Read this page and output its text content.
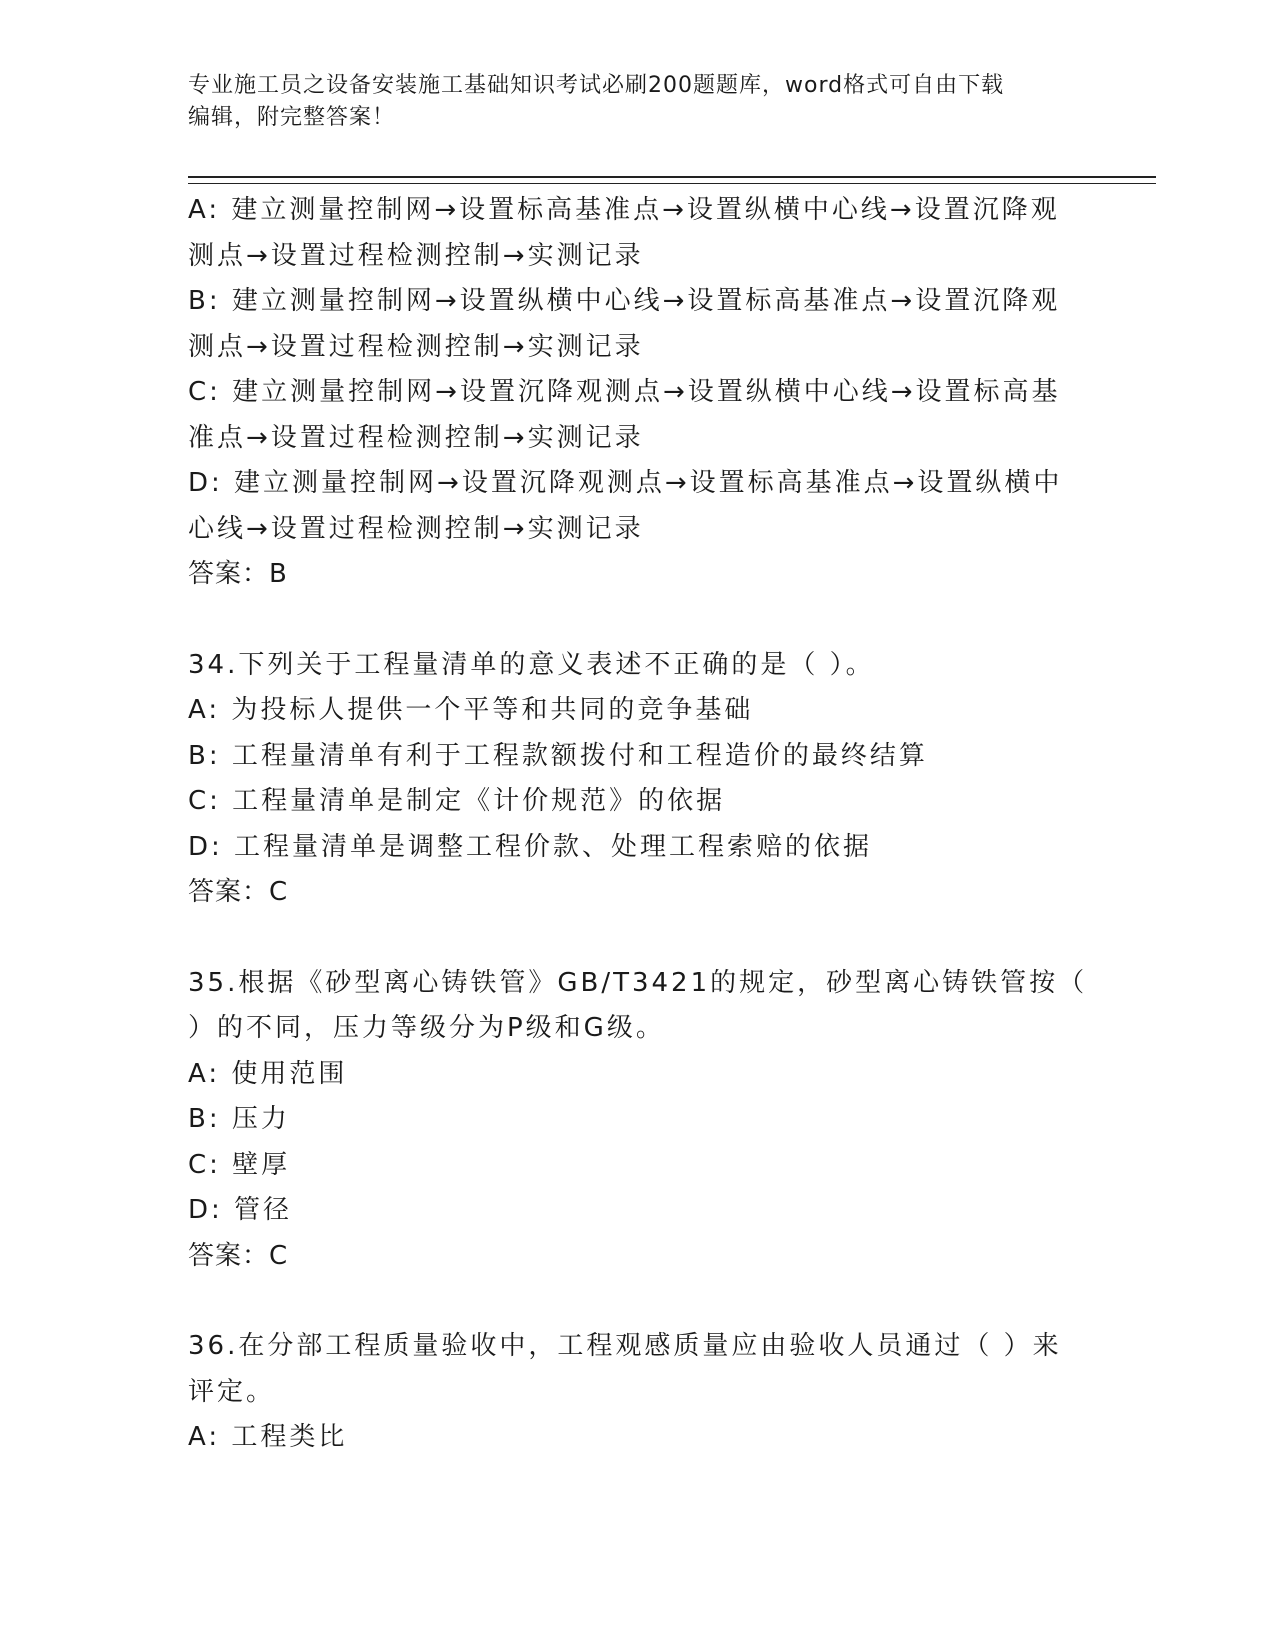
专业施工员之设备安装施工基础知识考试必刷200题题库，word格式可自由下载
编辑，附完整答案！

A: 建立测量控制网→设置标高基准点→设置纵横中心线→设置沉降观

测点→设置过程检测控制→实测记录

B: 建立测量控制网→设置纵横中心线→设置标高基准点→设置沉降观

测点→设置过程检测控制→实测记录

C: 建立测量控制网→设置沉降观测点→设置纵横中心线→设置标高基

准点→设置过程检测控制→实测记录

D: 建立测量控制网→设置沉降观测点→设置标高基准点→设置纵横中

心线→设置过程检测控制→实测记录

答案：B

34.下列关于工程量清单的意义表述不正确的是（ ）。

A: 为投标人提供一个平等和共同的竞争基础

B: 工程量清单有利于工程款额拨付和工程造价的最终结算

C: 工程量清单是制定《计价规范》的依据

D: 工程量清单是调整工程价款、处理工程索赔的依据

答案：C

35.根据《砂型离心铸铁管》GB/T3421的规定，砂型离心铸铁管按（

）的不同，压力等级分为P级和G级。

A: 使用范围

B: 压力

C: 壁厚

D: 管径

答案：C

36.在分部工程质量验收中，工程观感质量应由验收人员通过（ ）来

评定。

A: 工程类比
